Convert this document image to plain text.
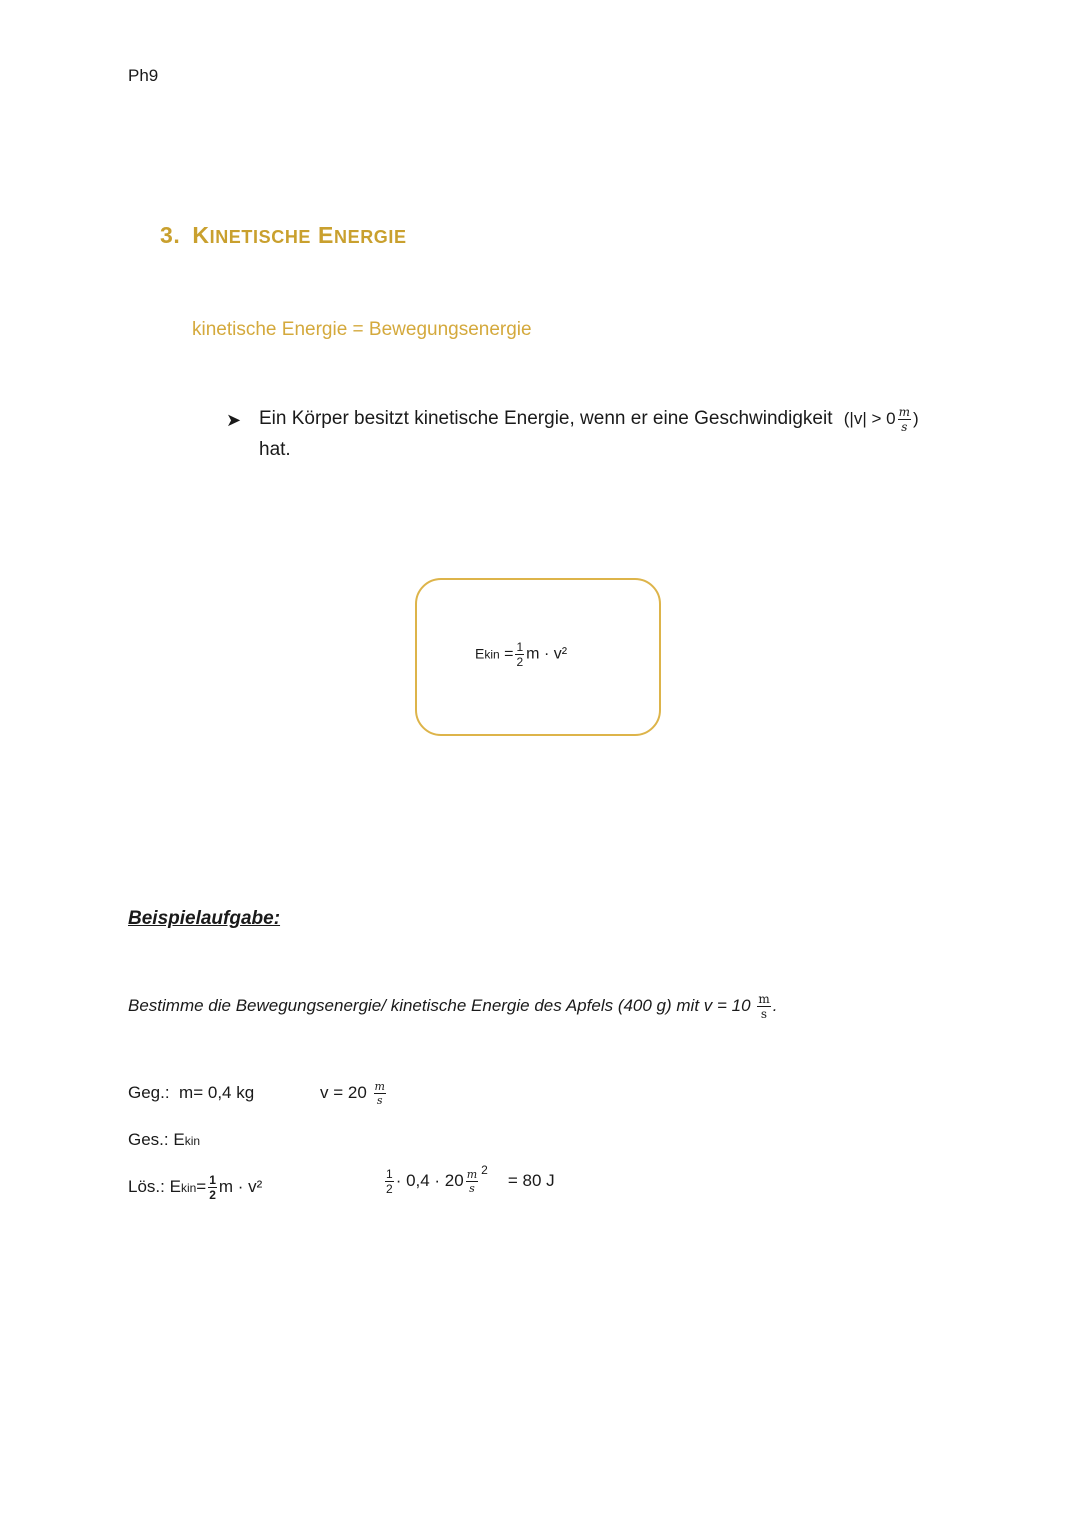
Ph9
3. KINETISCHE ENERGIE
kinetische Energie = Bewegungsenergie
➤ Ein Körper besitzt kinetische Energie, wenn er eine Geschwindigkeit ($|v| > 0 \frac{m}{s}$ )
hat.
Ekin = $\frac{1}{2}$ m · v²
Beispielaufgabe:
Bestimme die Bewegungsenergie/ kinetische Energie des Apfels (400 g) mit $v = 10 \frac{m}{s}$ .
Geg.: m= 0,4 kg	$v = 20 \frac{m}{s}$
Ges.: Ekin
Lös.: Ekin= $\frac{1}{2}$ m · v²	$\frac{1}{2} \cdot 0,4 \cdot 20 \frac{m}{s} ^2= 80$ J
